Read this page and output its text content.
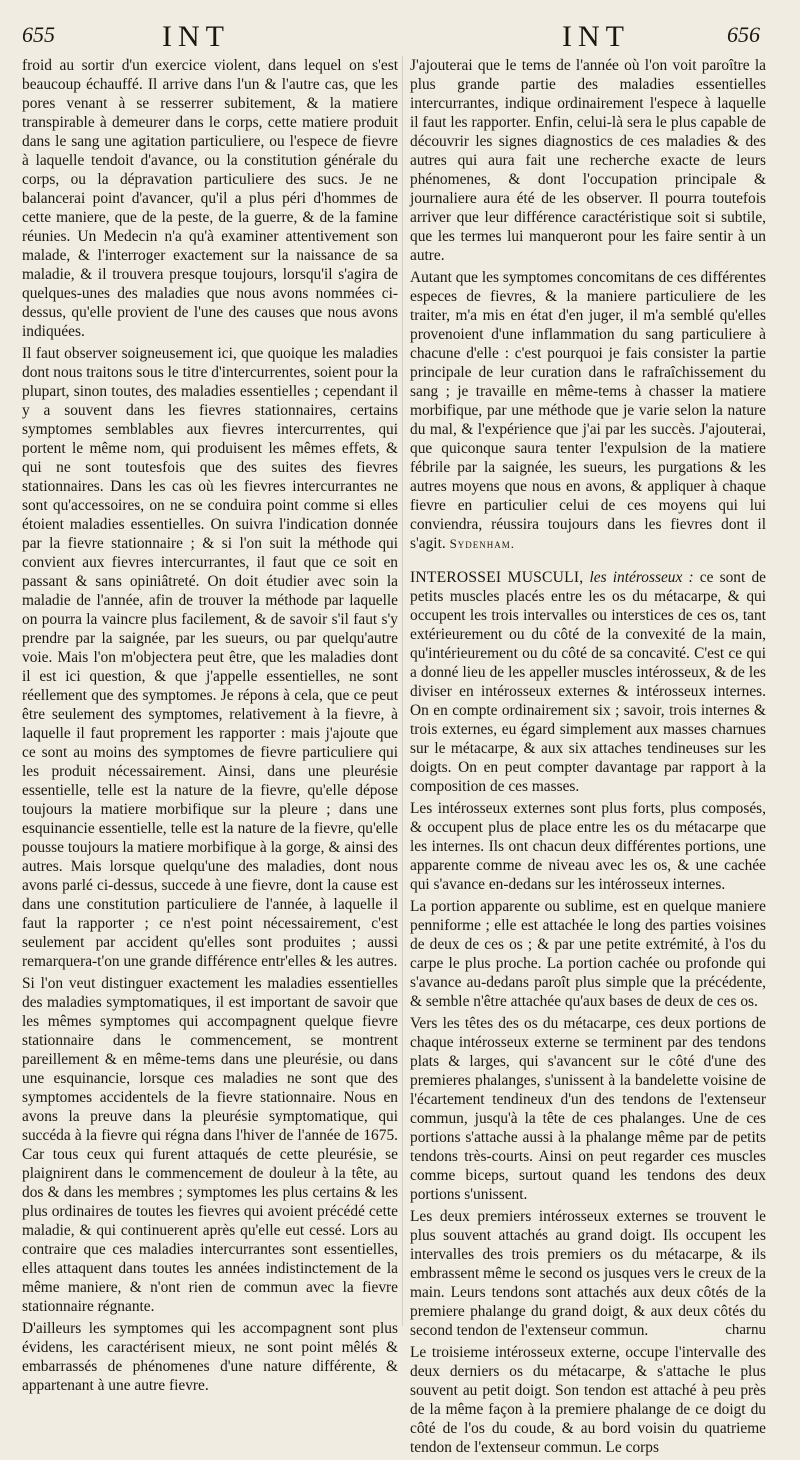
655	INT	INT	656

froid au sortir d'un exercice violent, dans lequel on s'est beaucoup échauffé. Il arrive dans l'un & l'autre cas, que les pores venant à se resserrer subitement, & la matiere transpirable à demeurer dans le corps, cette matiere produit dans le sang une agitation particuliere, ou l'espece de fievre à laquelle tendoit d'avance, ou la constitution générale du corps, ou la dépravation particuliere des sucs. Je ne balancerai point d'avancer, qu'il a plus péri d'hommes de cette maniere, que de la peste, de la guerre, & de la famine réunies. Un Medecin n'a qu'à examiner attentivement son malade, & l'interroger exactement sur la naissance de sa maladie, & il trouvera presque toujours, lorsqu'il s'agira de quelques-unes des maladies que nous avons nommées ci-dessus, qu'elle provient de l'une des causes que nous avons indiquées.

Il faut observer soigneusement ici, que quoique les maladies dont nous traitons sous le titre d'intercurrentes, soient pour la plupart, sinon toutes, des maladies essentielles ; cependant il y a souvent dans les fievres stationnaires, certains symptomes semblables aux fievres intercurrentes, qui portent le même nom, qui produisent les mêmes effets, & qui ne sont toutesfois que des suites des fievres stationnaires. Dans les cas où les fievres intercurrantes ne sont qu'accessoires, on ne se conduira point comme si elles étoient maladies essentielles. On suivra l'indication donnée par la fievre stationnaire ; & si l'on suit la méthode qui convient aux fievres intercurrantes, il faut que ce soit en passant & sans opiniâtreté. On doit étudier avec soin la maladie de l'année, afin de trouver la méthode par laquelle on pourra la vaincre plus facilement, & de savoir s'il faut s'y prendre par la saignée, par les sueurs, ou par quelqu'autre voie. Mais l'on m'objectera peut être, que les maladies dont il est ici question, & que j'appelle essentielles, ne sont réellement que des symptomes. Je répons à cela, que ce peut être seulement des symptomes, relativement à la fievre, à laquelle il faut proprement les rapporter : mais j'ajoute que ce sont au moins des symptomes de fievre particuliere qui les produit nécessairement. Ainsi, dans une pleurésie essentielle, telle est la nature de la fievre, qu'elle dépose toujours la matiere morbifique sur la pleure ; dans une esquinancie essentielle, telle est la nature de la fievre, qu'elle pousse toujours la matiere morbifique à la gorge, & ainsi des autres. Mais lorsque quelqu'une des maladies, dont nous avons parlé ci-dessus, succede à une fievre, dont la cause est dans une constitution particuliere de l'année, à laquelle il faut la rapporter ; ce n'est point nécessairement, c'est seulement par accident qu'elles sont produites ; aussi remarquera-t'on une grande différence entr'elles & les autres.

Si l'on veut distinguer exactement les maladies essentielles des maladies symptomatiques, il est important de savoir que les mêmes symptomes qui accompagnent quelque fievre stationnaire dans le commencement, se montrent pareillement & en même-tems dans une pleurésie, ou dans une esquinancie, lorsque ces maladies ne sont que des symptomes accidentels de la fievre stationnaire. Nous en avons la preuve dans la pleurésie symptomatique, qui succéda à la fievre qui régna dans l'hiver de l'année de 1675. Car tous ceux qui furent attaqués de cette pleurésie, se plaignirent dans le commencement de douleur à la tête, au dos & dans les membres ; symptomes les plus certains & les plus ordinaires de toutes les fievres qui avoient précédé cette maladie, & qui continuerent après qu'elle eut cessé. Lors au contraire que ces maladies intercurrantes sont essentielles, elles attaquent dans toutes les années indistinctement de la même maniere, & n'ont rien de commun avec la fievre stationnaire régnante.

D'ailleurs les symptomes qui les accompagnent sont plus évidens, les caractérisent mieux, ne sont point mêlés & embarrassés de phénomenes d'une nature différente, & appartenant à une autre fievre.

J'ajouterai que le tems de l'année où l'on voit paroître la plus grande partie des maladies essentielles intercurrantes, indique ordinairement l'espece à laquelle il faut les rapporter. Enfin, celui-là sera le plus capable de découvrir les signes diagnostics de ces maladies & des autres qui aura fait une recherche exacte de leurs phénomenes, & dont l'occupation principale & journaliere aura été de les observer. Il pourra toutefois arriver que leur différence caractéristique soit si subtile, que les termes lui manqueront pour les faire sentir à un autre.

Autant que les symptomes concomitans de ces différentes especes de fievres, & la maniere particuliere de les traiter, m'a mis en état d'en juger, il m'a semblé qu'elles provenoient d'une inflammation du sang particuliere à chacune d'elle : c'est pourquoi je fais consister la partie principale de leur curation dans le rafraîchissement du sang ; je travaille en même-tems à chasser la matiere morbifique, par une méthode que je varie selon la nature du mal, & l'expérience que j'ai par les succès. J'ajouterai, que quiconque saura tenter l'expulsion de la matiere fébrile par la saignée, les sueurs, les purgations & les autres moyens que nous en avons, & appliquer à chaque fievre en particulier celui de ces moyens qui lui conviendra, réussira toujours dans les fievres dont il s'agit. Sydenham.

INTEROSSEI MUSCULI, les intérosseux : ce sont de petits muscles placés entre les os du métacarpe, & qui occupent les trois intervalles ou interstices de ces os, tant extérieurement ou du côté de la convexité de la main, qu'intérieurement ou du côté de sa concavité. C'est ce qui a donné lieu de les appeller muscles intérosseux, & de les diviser en intérosseux externes & intérosseux internes. On en compte ordinairement six ; savoir, trois internes & trois externes, eu égard simplement aux masses charnues sur le métacarpe, & aux six attaches tendineuses sur les doigts. On en peut compter davantage par rapport à la composition de ces masses.

Les intérosseux externes sont plus forts, plus composés, & occupent plus de place entre les os du métacarpe que les internes. Ils ont chacun deux différentes portions, une apparente comme de niveau avec les os, & une cachée qui s'avance en-dedans sur les intérosseux internes.

La portion apparente ou sublime, est en quelque maniere penniforme ; elle est attachée le long des parties voisines de deux de ces os ; & par une petite extrémité, à l'os du carpe le plus proche. La portion cachée ou profonde qui s'avance au-dedans paroît plus simple que la précédente, & semble n'être attachée qu'aux bases de deux de ces os.

Vers les têtes des os du métacarpe, ces deux portions de chaque intérosseux externe se terminent par des tendons plats & larges, qui s'avancent sur le côté d'une des premieres phalanges, s'unissent à la bandelette voisine de l'écartement tendineux d'un des tendons de l'extenseur commun, jusqu'à la tête de ces phalanges. Une de ces portions s'attache aussi à la phalange même par de petits tendons très-courts. Ainsi on peut regarder ces muscles comme biceps, surtout quand les tendons des deux portions s'unissent.

Les deux premiers intérosseux externes se trouvent le plus souvent attachés au grand doigt. Ils occupent les intervalles des trois premiers os du métacarpe, & ils embrassent même le second os jusques vers le creux de la main. Leurs tendons sont attachés aux deux côtés de la premiere phalange du grand doigt, & aux deux côtés du second tendon de l'extenseur commun.

Le troisieme intérosseux externe, occupe l'intervalle des deux derniers os du métacarpe, & s'attache le plus souvent au petit doigt. Son tendon est attaché à peu près de la même façon à la premiere phalange de ce doigt du côté de l'os du coude, & au bord voisin du quatrieme tendon de l'extenseur commun. Le corps

charnu
